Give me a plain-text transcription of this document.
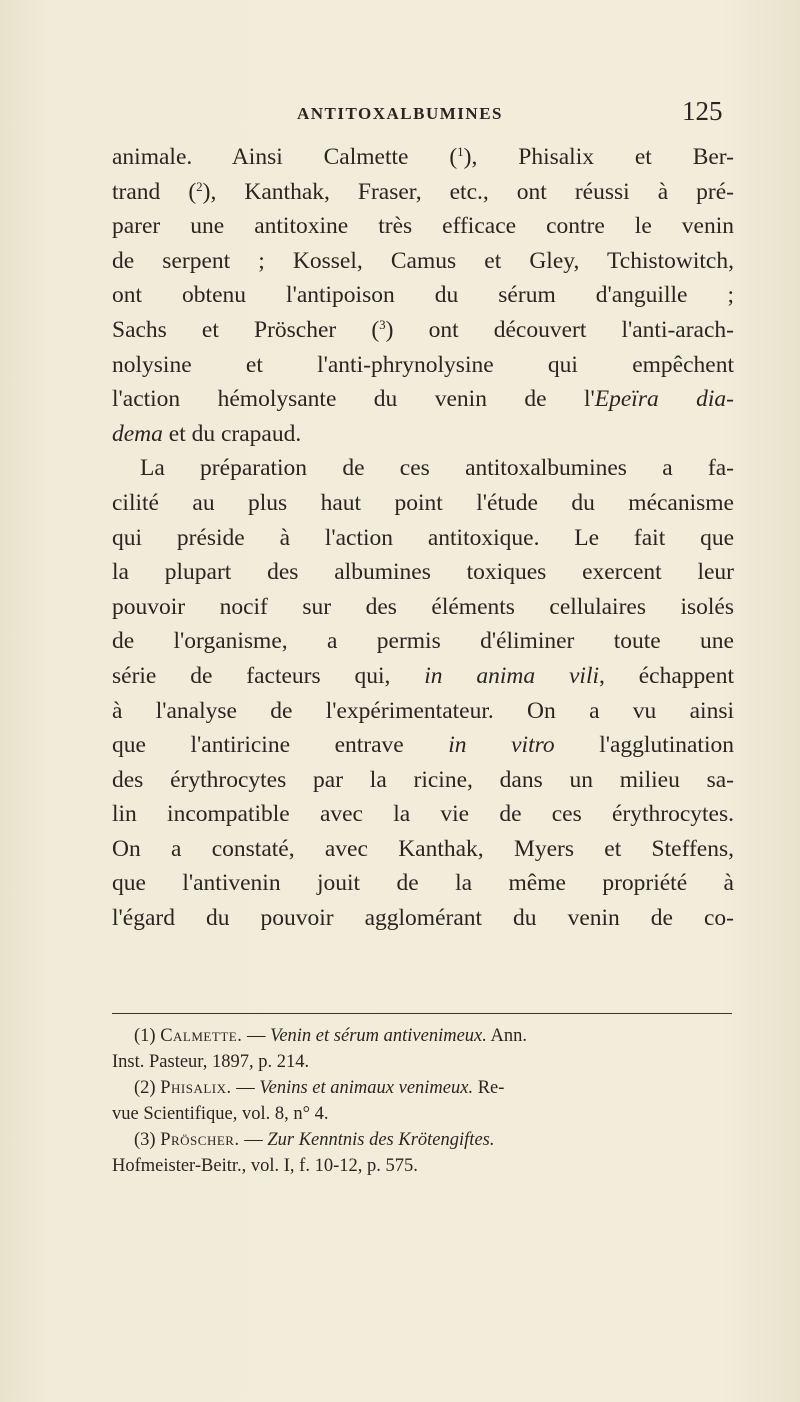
ANTITOXALBUMINES	125
animale. Ainsi Calmette ($^1$), Phisalix et Ber-
trand ($^2$), Kanthak, Fraser, etc., ont réussi à pré-
parer une antitoxine très efficace contre le venin
de serpent ; Kossel, Camus et Gley, Tchistowitch,
ont obtenu l'antipoison du sérum d'anguille ;
Sachs et Pröscher ($^3$) ont découvert l'anti-arach-
nolysine et l'anti-phrynolysine qui empêchent
l'action hémolysante du venin de l'Epeïra dia-
dema et du crapaud.
La préparation de ces antitoxalbumines a fa-
cilité au plus haut point l'étude du mécanisme
qui préside à l'action antitoxique. Le fait que
la plupart des albumines toxiques exercent leur
pouvoir nocif sur des éléments cellulaires isolés
de l'organisme, a permis d'éliminer toute une
série de facteurs qui, in anima vili, échappent
à l'analyse de l'expérimentateur. On a vu ainsi
que l'antiricine entrave in vitro l'agglutination
des érythrocytes par la ricine, dans un milieu sa-
lin incompatible avec la vie de ces érythrocytes.
On a constaté, avec Kanthak, Myers et Steffens,
que l'antivenin jouit de la même propriété à
l'égard du pouvoir agglomérant du venin de co-
(1) Calmette. — Venin et sérum antivenimeux. Ann.
Inst. Pasteur, 1897, p. 214.
(2) Phisalix. — Venins et animaux venimeux. Re-
vue Scientifique, vol. 8, n° 4.
(3) Pröscher. — Zur Kenntnis des Krötengiftes.
Hofmeister-Beitr., vol. I, f. 10-12, p. 575.
